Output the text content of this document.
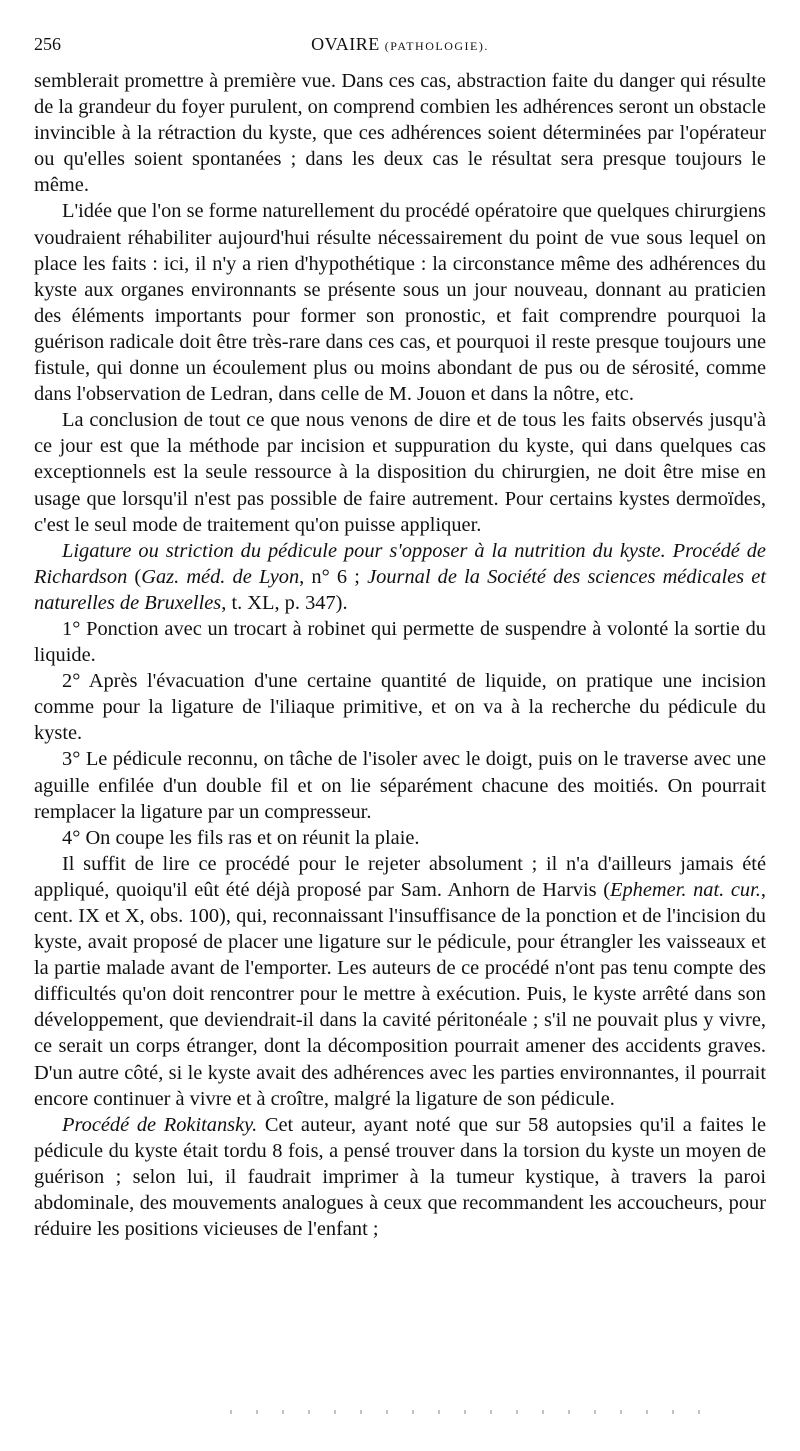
256	OVAIRE (PATHOLOGIE).

semblerait promettre à première vue. Dans ces cas, abstraction faite du danger qui résulte de la grandeur du foyer purulent, on comprend combien les adhérences seront un obstacle invincible à la rétraction du kyste, que ces adhérences soient déterminées par l'opérateur ou qu'elles soient spontanées ; dans les deux cas le résultat sera presque toujours le même.

L'idée que l'on se forme naturellement du procédé opératoire que quelques chirurgiens voudraient réhabiliter aujourd'hui résulte nécessairement du point de vue sous lequel on place les faits : ici, il n'y a rien d'hypothétique : la circonstance même des adhérences du kyste aux organes environnants se présente sous un jour nouveau, donnant au praticien des éléments importants pour former son pronostic, et fait comprendre pourquoi la guérison radicale doit être très-rare dans ces cas, et pourquoi il reste presque toujours une fistule, qui donne un écoulement plus ou moins abondant de pus ou de sérosité, comme dans l'observation de Ledran, dans celle de M. Jouon et dans la nôtre, etc.

La conclusion de tout ce que nous venons de dire et de tous les faits observés jusqu'à ce jour est que la méthode par incision et suppuration du kyste, qui dans quelques cas exceptionnels est la seule ressource à la disposition du chirurgien, ne doit être mise en usage que lorsqu'il n'est pas possible de faire autrement. Pour certains kystes dermoïdes, c'est le seul mode de traitement qu'on puisse appliquer.

Ligature ou striction du pédicule pour s'opposer à la nutrition du kyste. Procédé de Richardson (Gaz. méd. de Lyon, n° 6 ; Journal de la Société des sciences médicales et naturelles de Bruxelles, t. XL, p. 347).

1° Ponction avec un trocart à robinet qui permette de suspendre à volonté la sortie du liquide.

2° Après l'évacuation d'une certaine quantité de liquide, on pratique une incision comme pour la ligature de l'iliaque primitive, et on va à la recherche du pédicule du kyste.

3° Le pédicule reconnu, on tâche de l'isoler avec le doigt, puis on le traverse avec une aguille enfilée d'un double fil et on lie séparément chacune des moitiés. On pourrait remplacer la ligature par un compresseur.

4° On coupe les fils ras et on réunit la plaie.

Il suffit de lire ce procédé pour le rejeter absolument ; il n'a d'ailleurs jamais été appliqué, quoiqu'il eût été déjà proposé par Sam. Anhorn de Harvis (Ephemer. nat. cur., cent. IX et X, obs. 100), qui, reconnaissant l'insuffisance de la ponction et de l'incision du kyste, avait proposé de placer une ligature sur le pédicule, pour étrangler les vaisseaux et la partie malade avant de l'emporter. Les auteurs de ce procédé n'ont pas tenu compte des difficultés qu'on doit rencontrer pour le mettre à exécution. Puis, le kyste arrêté dans son développement, que deviendrait-il dans la cavité péritonéale ; s'il ne pouvait plus y vivre, ce serait un corps étranger, dont la décomposition pourrait amener des accidents graves. D'un autre côté, si le kyste avait des adhérences avec les parties environnantes, il pourrait encore continuer à vivre et à croître, malgré la ligature de son pédicule.

Procédé de Rokitansky. Cet auteur, ayant noté que sur 58 autopsies qu'il a faites le pédicule du kyste était tordu 8 fois, a pensé trouver dans la torsion du kyste un moyen de guérison ; selon lui, il faudrait imprimer à la tumeur kystique, à travers la paroi abdominale, des mouvements analogues à ceux que recommandent les accoucheurs, pour réduire les positions vicieuses de l'enfant ;
